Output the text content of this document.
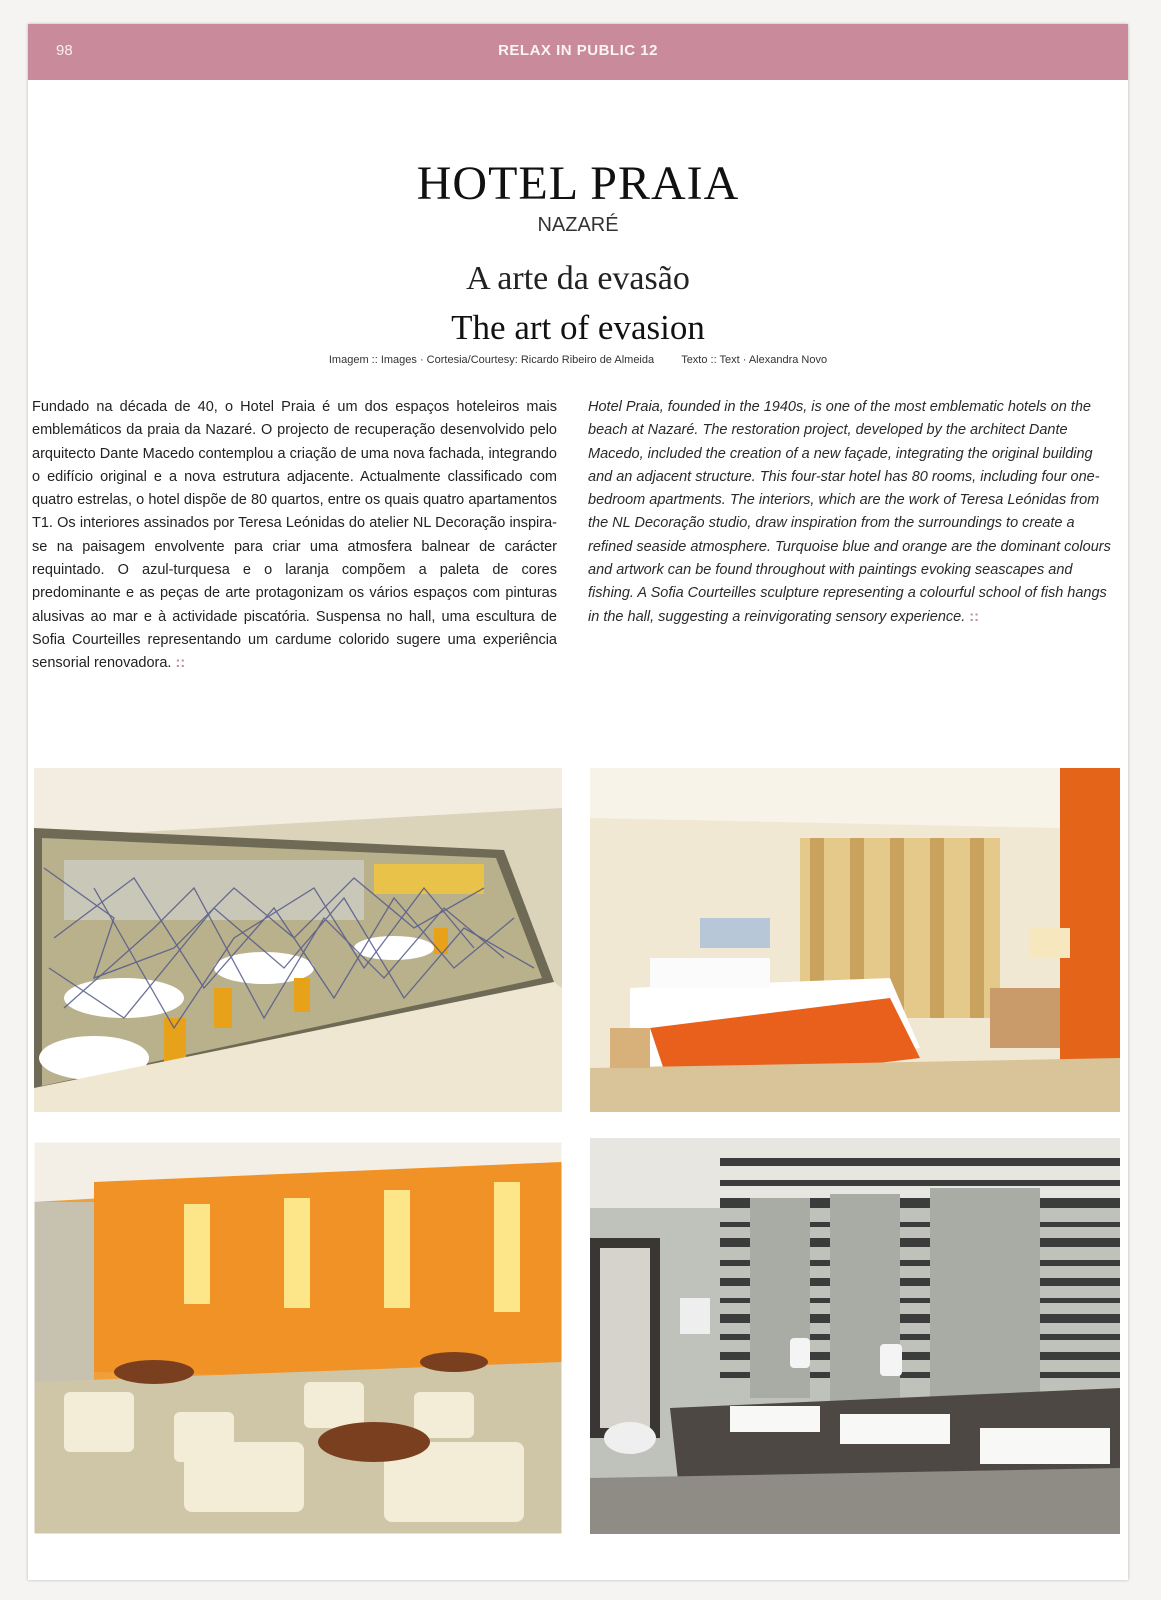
98	RELAX IN PUBLIC 12
HOTEL PRAIA
NAZARÉ
A arte da evasão
The art of evasion
Imagem :: Images · Cortesia/Courtesy: Ricardo Ribeiro de Almeida Texto :: Text · Alexandra Novo
Fundado na década de 40, o Hotel Praia é um dos espaços hoteleiros mais emblemáticos da praia da Nazaré. O projecto de recuperação desenvolvido pelo arquitecto Dante Macedo contemplou a criação de uma nova fachada, integrando o edifício original e a nova estrutura adjacente. Actualmente classificado com quatro estrelas, o hotel dispõe de 80 quartos, entre os quais quatro apartamentos T1. Os interiores assinados por Teresa Leónidas do atelier NL Decoração inspira-se na paisagem envolvente para criar uma atmosfera balnear de carácter requintado. O azul-turquesa e o laranja compõem a paleta de cores predominante e as peças de arte protagonizam os vários espaços com pinturas alusivas ao mar e à actividade piscatória. Suspensa no hall, uma escultura de Sofia Courteilles representando um cardume colorido sugere uma experiência sensorial renovadora. ::
Hotel Praia, founded in the 1940s, is one of the most emblematic hotels on the beach at Nazaré. The restoration project, developed by the architect Dante Macedo, included the creation of a new façade, integrating the original building and an adjacent structure. This four-star hotel has 80 rooms, including four one-bedroom apartments. The interiors, which are the work of Teresa Leónidas from the NL Decoração studio, draw inspiration from the surroundings to create a refined seaside atmosphere. Turquoise blue and orange are the dominant colours and artwork can be found throughout with paintings evoking seascapes and fishing. A Sofia Courteilles sculpture representing a colourful school of fish hangs in the hall, suggesting a reinvigorating sensory experience. ::
